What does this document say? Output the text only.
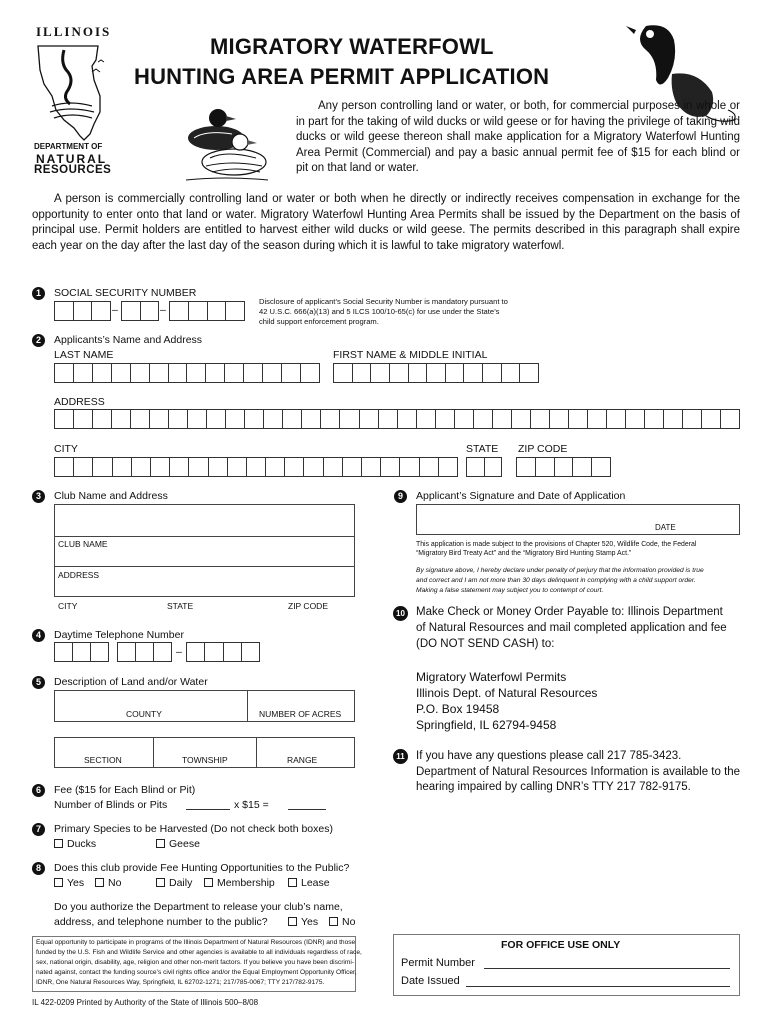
ILLINOIS
DEPARTMENT OF
NATURAL
RESOURCES
MIGRATORY WATERFOWL
HUNTING AREA PERMIT APPLICATION
Any person controlling land or water, or both, for commercial purposes in whole or in part for the taking of wild ducks or wild geese or for having the privilege of taking wild ducks or wild geese thereon shall make application for a Migratory Waterfowl Hunting Area Permit (Commercial) and pay a basic annual permit fee of $15 for each blind or pit on that land or water.
A person is commercially controlling land or water or both when he directly or indirectly receives compensation in exchange for the opportunity to enter onto that land or water. Migratory Waterfowl Hunting Area Permits shall be issued by the Department on the basis of principal use. Permit holders are entitled to harvest either wild ducks or wild geese. The permits described in this paragraph shall expire each year on the day after the last day of the season during which it is lawful to take migratory waterfowl.
1	SOCIAL SECURITY NUMBER
–	–
Disclosure of applicant’s Social Security Number is mandatory pursuant to
42 U.S.C. 666(a)(13) and 5 ILCS 100/10-65(c) for use under the State’s
child support enforcement program.
2	Applicants’s Name and Address
LAST NAME	FIRST NAME & MIDDLE INITIAL
ADDRESS
CITY	STATE ZIP CODE
3	Club Name and Address
CLUB NAME
ADDRESS
CITY	STATE	ZIP CODE
4	Daytime Telephone Number
–
5	Description of Land and/or Water
COUNTY	NUMBER OF ACRES
SECTION	TOWNSHIP	RANGE
6	Fee ($15 for Each Blind or Pit)
Number of Blinds or Pits	x $15 =
7	Primary Species to be Harvested (Do not check both boxes)
Ducks	Geese
8	Does this club provide Fee Hunting Opportunities to the Public?
Yes	No	Daily	Membership	Lease
Do you authorize the Department to release your club’s name,
address, and telephone number to the public?	Yes	No
9	Applicant’s Signature and Date of Application
DATE
This application is made subject to the provisions of Chapter 520, Wildlife Code, the Federal
“Migratory Bird Treaty Act” and the “Migratory Bird Hunting Stamp Act.”
By signature above, I hereby declare under penalty of perjury that the information provided is true
and correct and I am not more than 30 days delinquent in complying with a child support order.
Making a false statement may subject you to contempt of court.
10 Make Check or Money Order Payable to: Illinois Department
of Natural Resources and mail completed application and fee
(DO NOT SEND CASH) to:
Migratory Waterfowl Permits
Illinois Dept. of Natural Resources
P.O. Box 19458
Springfield, IL 62794-9458
11 If you have any questions please call 217 785-3423.
Department of Natural Resources Information is available to the
hearing impaired by calling DNR’s TTY 217 782-9175.
Equal opportunity to participate in programs of the Illinois Department of Natural Resources (IDNR) and those
funded by the U.S. Fish and Wildlife Service and other agencies is available to all individuals regardless of race,
sex, national origin, disability, age, religion and other non-merit factors. If you believe you have been discrimi-
nated against, contact the funding source’s civil rights office and/or the Equal Employment Opportunity Officer,
IDNR, One Natural Resources Way, Springfield, IL 62702-1271; 217/785-0067; TTY 217/782-9175.
FOR OFFICE USE ONLY
Permit Number
Date Issued
IL 422-0209 Printed by Authority of the State of Illinois 500–8/08
